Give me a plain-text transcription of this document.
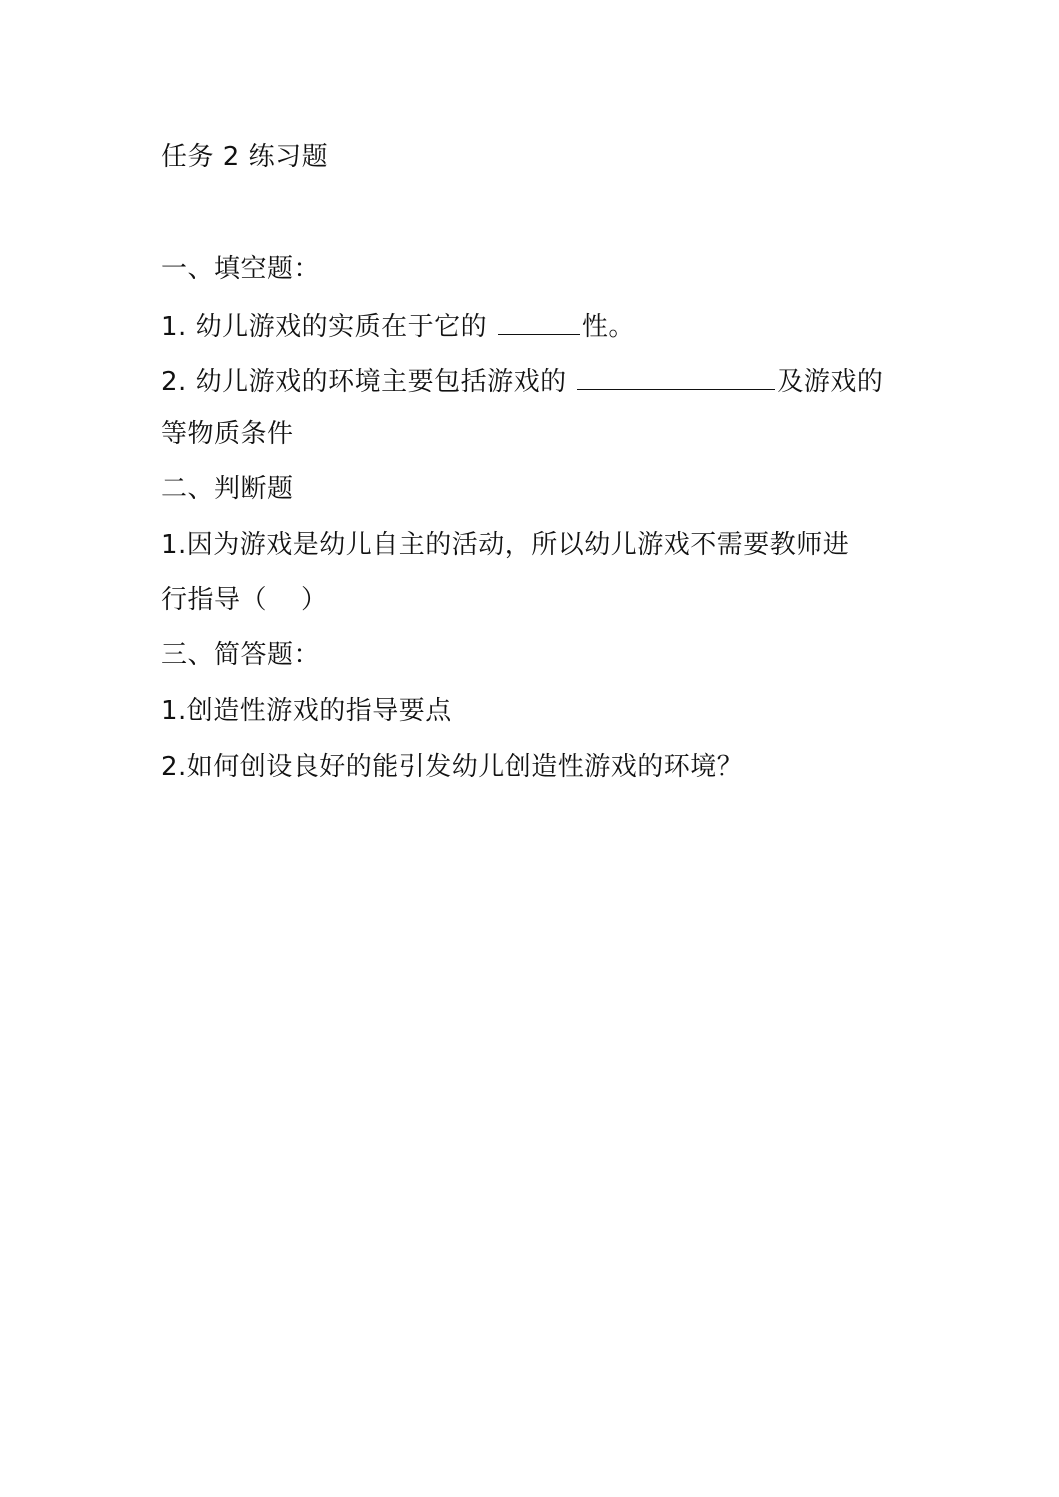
任务 2 练习题
一、填空题：
1. 幼儿游戏的实质在于它的	性。
2. 幼儿游戏的环境主要包括游戏的	及游戏的
等物质条件
二、判断题
1.因为游戏是幼儿自主的活动，所以幼儿游戏不需要教师进
行指导（ ）
三、简答题：
1.创造性游戏的指导要点
2.如何创设良好的能引发幼儿创造性游戏的环境？
